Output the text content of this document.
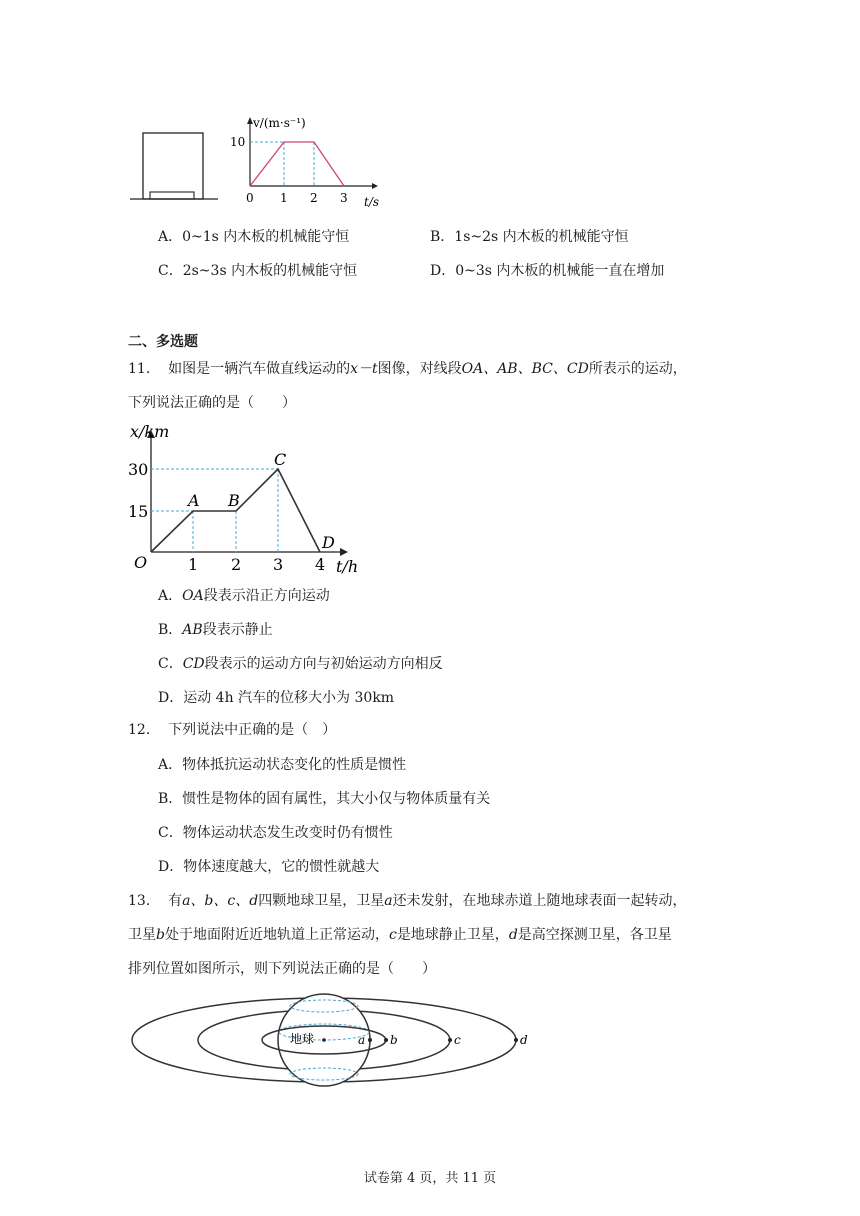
v/(m·s⁻¹)
10
0 1 2 3 t/s
A．0~1s 内木板的机械能守恒	B．1s~2s 内木板的机械能守恒
C．2s~3s 内木板的机械能守恒	D．0~3s 内木板的机械能一直在增加
二、多选题
11. 如图是一辆汽车做直线运动的x－t图像，对线段OA、AB、BC、CD所表示的运动，
下列说法正确的是（　　）
x/km
30
15
O	1 2 3 4 t/h
A B
C
D
A．OA段表示沿正方向运动
B．AB段表示静止
C．CD段表示的运动方向与初始运动方向相反
D．运动 4h 汽车的位移大小为 30km
12. 下列说法中正确的是（　）
A．物体抵抗运动状态变化的性质是惯性
B．惯性是物体的固有属性，其大小仅与物体质量有关
C．物体运动状态发生改变时仍有惯性
D．物体速度越大，它的惯性就越大
13. 有a、b、c、d四颗地球卫星，卫星a还未发射，在地球赤道上随地球表面一起转动，
卫星b处于地面附近近地轨道上正常运动，c是地球静止卫星，d是高空探测卫星，各卫星
排列位置如图所示，则下列说法正确的是（　　）
地球	a b	c	d
试卷第 4 页，共 11 页
